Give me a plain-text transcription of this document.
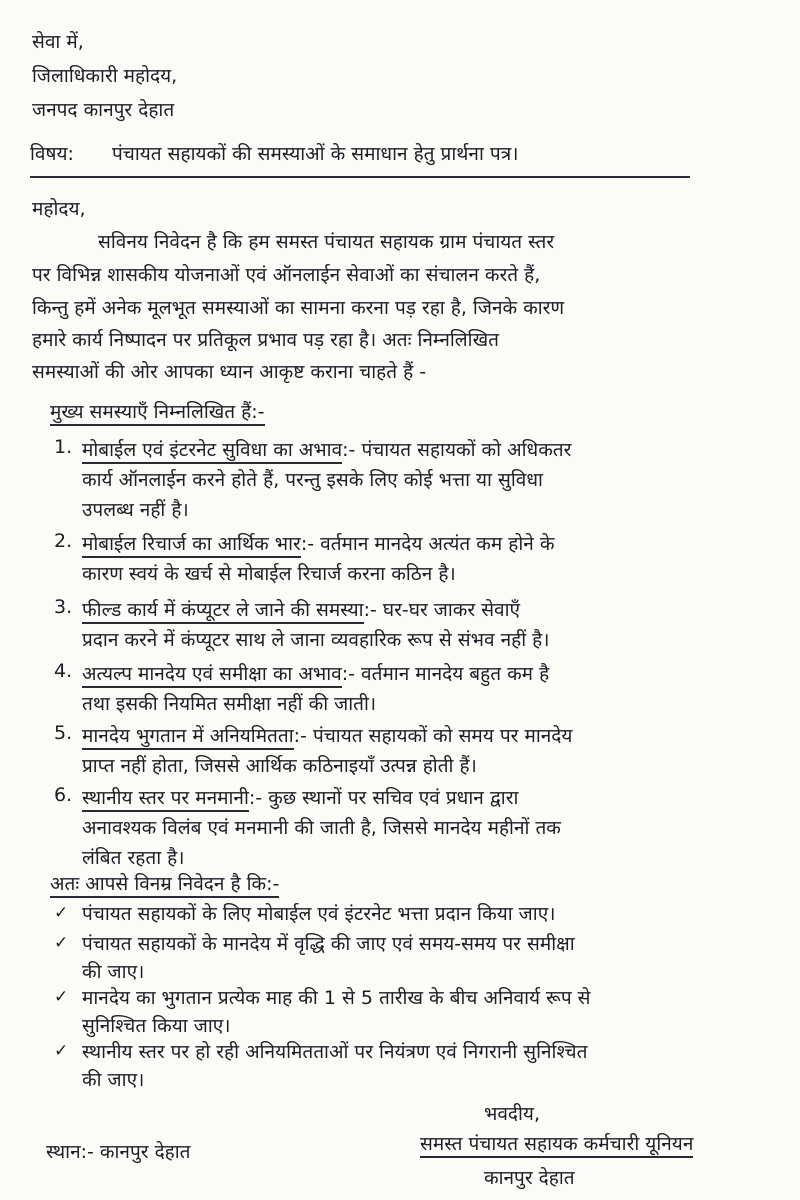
सेवा में,
जिलाधिकारी महोदय,
जनपद कानपुर देहात
विषय: पंचायत सहायकों की समस्याओं के समाधान हेतु प्रार्थना पत्र।
महोदय,
सविनय निवेदन है कि हम समस्त पंचायत सहायक ग्राम पंचायत स्तर
पर विभिन्न शासकीय योजनाओं एवं ऑनलाईन सेवाओं का संचालन करते हैं,
किन्तु हमें अनेक मूलभूत समस्याओं का सामना करना पड़ रहा है, जिनके कारण
हमारे कार्य निष्पादन पर प्रतिकूल प्रभाव पड़ रहा है। अतः निम्नलिखित
समस्याओं की ओर आपका ध्यान आकृष्ट कराना चाहते हैं -
मुख्य समस्याएँ निम्नलिखित हैं:-
1. मोबाईल एवं इंटरनेट सुविधा का अभाव:- पंचायत सहायकों को अधिकतर
कार्य ऑनलाईन करने होते हैं, परन्तु इसके लिए कोई भत्ता या सुविधा
उपलब्ध नहीं है।
2. मोबाईल रिचार्ज का आर्थिक भार:- वर्तमान मानदेय अत्यंत कम होने के
कारण स्वयं के खर्च से मोबाईल रिचार्ज करना कठिन है।
3. फील्ड कार्य में कंप्यूटर ले जाने की समस्या:- घर-घर जाकर सेवाएँ
प्रदान करने में कंप्यूटर साथ ले जाना व्यवहारिक रूप से संभव नहीं है।
4. अत्यल्प मानदेय एवं समीक्षा का अभाव:- वर्तमान मानदेय बहुत कम है
तथा इसकी नियमित समीक्षा नहीं की जाती।
5. मानदेय भुगतान में अनियमितता:- पंचायत सहायकों को समय पर मानदेय
प्राप्त नहीं होता, जिससे आर्थिक कठिनाइयाँ उत्पन्न होती हैं।
6. स्थानीय स्तर पर मनमानी:- कुछ स्थानों पर सचिव एवं प्रधान द्वारा
अनावश्यक विलंब एवं मनमानी की जाती है, जिससे मानदेय महीनों तक
लंबित रहता है।
अतः आपसे विनम्र निवेदन है कि:-
✓ पंचायत सहायकों के लिए मोबाईल एवं इंटरनेट भत्ता प्रदान किया जाए।
✓ पंचायत सहायकों के मानदेय में वृद्धि की जाए एवं समय-समय पर समीक्षा
की जाए।
✓ मानदेय का भुगतान प्रत्येक माह की 1 से 5 तारीख के बीच अनिवार्य रूप से
सुनिश्चित किया जाए।
✓ स्थानीय स्तर पर हो रही अनियमितताओं पर नियंत्रण एवं निगरानी सुनिश्चित
की जाए।
भवदीय,
समस्त पंचायत सहायक कर्मचारी यूनियन
कानपुर देहात
स्थान:- कानपुर देहात
